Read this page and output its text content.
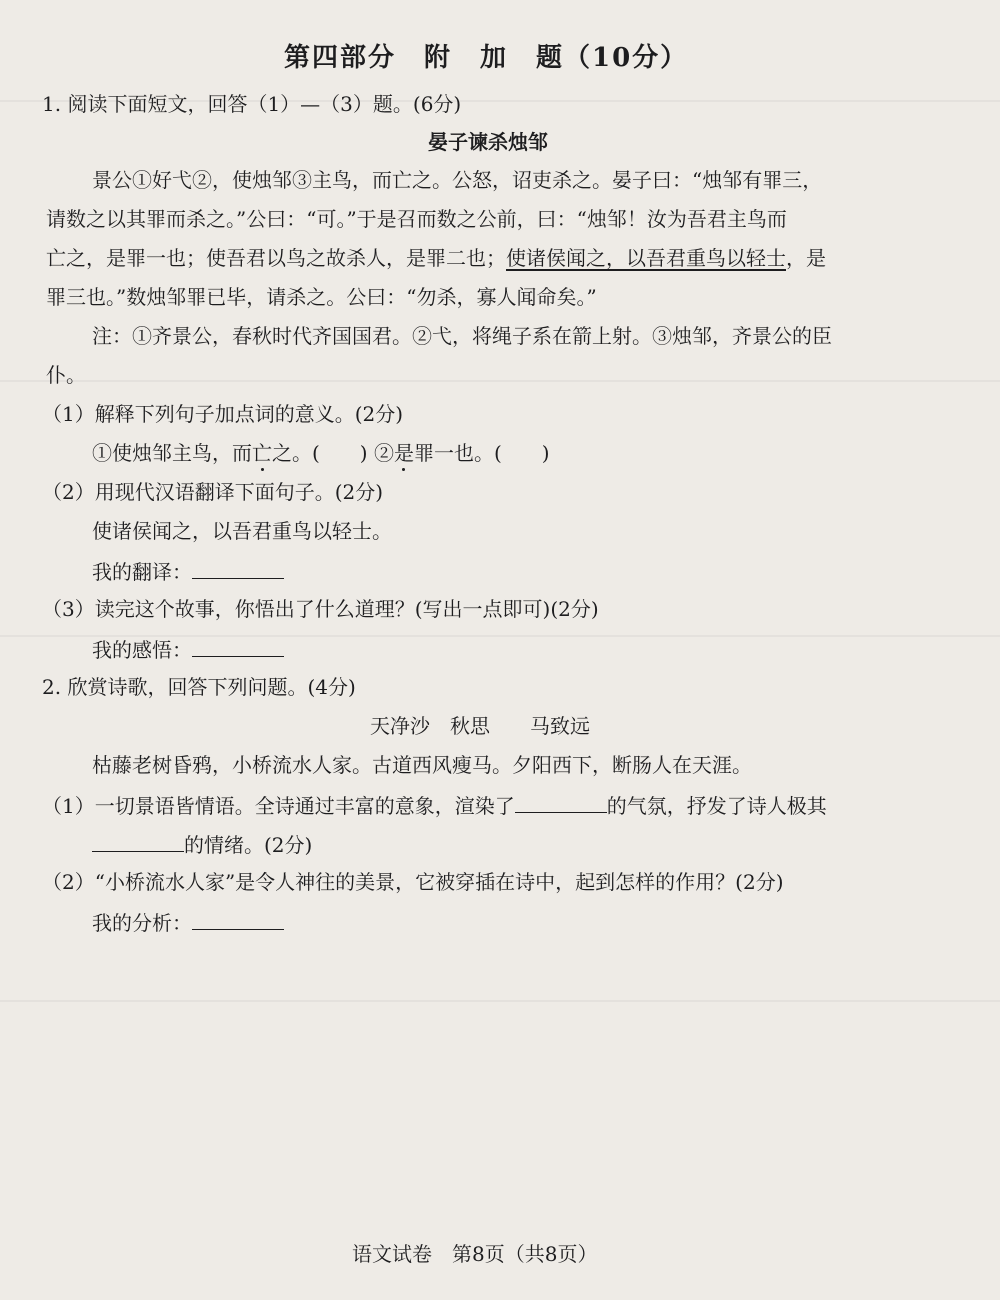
第四部分　附　加　题（10分）
1. 阅读下面短文，回答（1）—（3）题。(6分)
晏子谏杀烛邹
景公①好弋②，使烛邹③主鸟，而亡之。公怒，诏吏杀之。晏子曰：“烛邹有罪三，
请数之以其罪而杀之。”公曰：“可。”于是召而数之公前，曰：“烛邹！汝为吾君主鸟而
亡之，是罪一也；使吾君以鸟之故杀人，是罪二也；使诸侯闻之，以吾君重鸟以轻士，是
罪三也。”数烛邹罪已毕，请杀之。公曰：“勿杀，寡人闻命矣。”
注：①齐景公，春秋时代齐国国君。②弋，将绳子系在箭上射。③烛邹，齐景公的臣
仆。
（1）解释下列句子加点词的意义。(2分)
①使烛邹主鸟，而亡之。(　　) ②是罪一也。(　　)
（2）用现代汉语翻译下面句子。(2分)
使诸侯闻之，以吾君重鸟以轻士。
我的翻译：
（3）读完这个故事，你悟出了什么道理？(写出一点即可)(2分)
我的感悟：
2. 欣赏诗歌，回答下列问题。(4分)
天净沙　秋思　　马致远
枯藤老树昏鸦，小桥流水人家。古道西风瘦马。夕阳西下，断肠人在天涯。
（1）一切景语皆情语。全诗通过丰富的意象，渲染了	的气氛，抒发了诗人极其
的情绪。(2分)
（2）“小桥流水人家”是令人神往的美景，它被穿插在诗中，起到怎样的作用？(2分)
我的分析：
语文试卷　第8页（共8页）
